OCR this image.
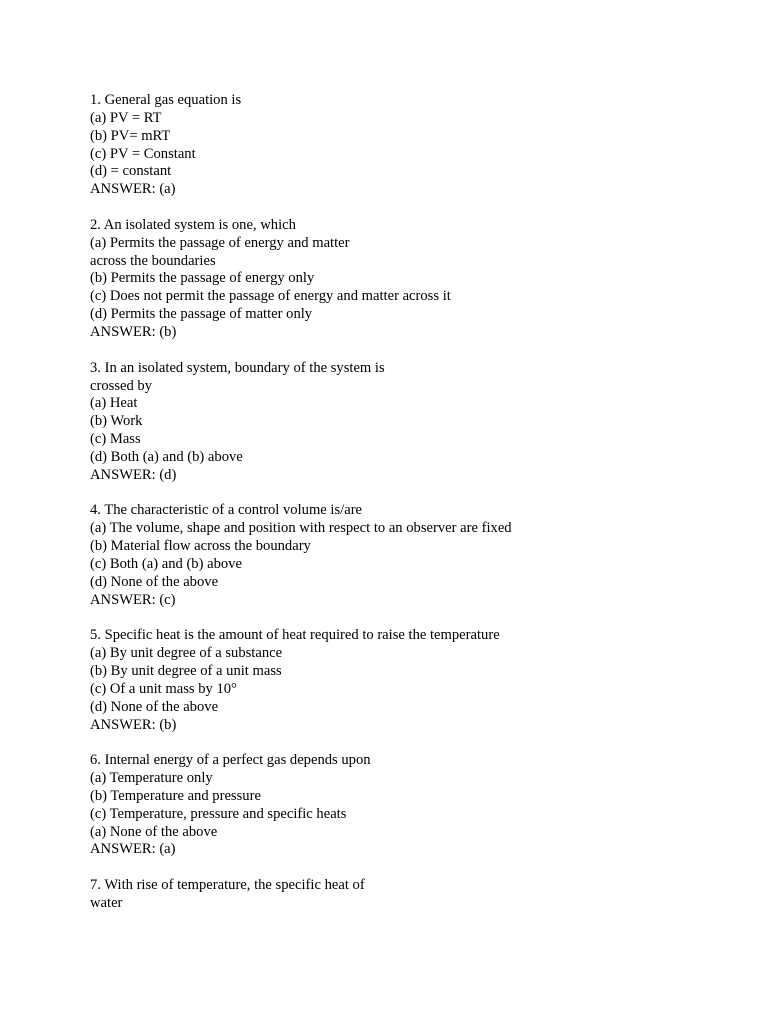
1. General gas equation is
(a) PV = RT
(b) PV= mRT
(c) PV = Constant
(d) = constant
ANSWER: (a)
2. An isolated system is one, which
(a) Permits the passage of energy and matter
across the boundaries
(b) Permits the passage of energy only
(c) Does not permit the passage of energy and matter across it
(d) Permits the passage of matter only
ANSWER: (b)
3. In an isolated system, boundary of the system is
crossed by
(a) Heat
(b) Work
(c) Mass
(d) Both (a) and (b) above
ANSWER: (d)
4. The characteristic of a control volume is/are
(a) The volume, shape and position with respect to an observer are fixed
(b) Material flow across the boundary
(c) Both (a) and (b) above
(d) None of the above
ANSWER: (c)
5. Specific heat is the amount of heat required to raise the temperature
(a) By unit degree of a substance
(b) By unit degree of a unit mass
(c) Of a unit mass by 10°
(d) None of the above
ANSWER: (b)
6. Internal energy of a perfect gas depends upon
(a) Temperature only
(b) Temperature and pressure
(c) Temperature, pressure and specific heats
(a) None of the above
ANSWER: (a)
7. With rise of temperature, the specific heat of
water
